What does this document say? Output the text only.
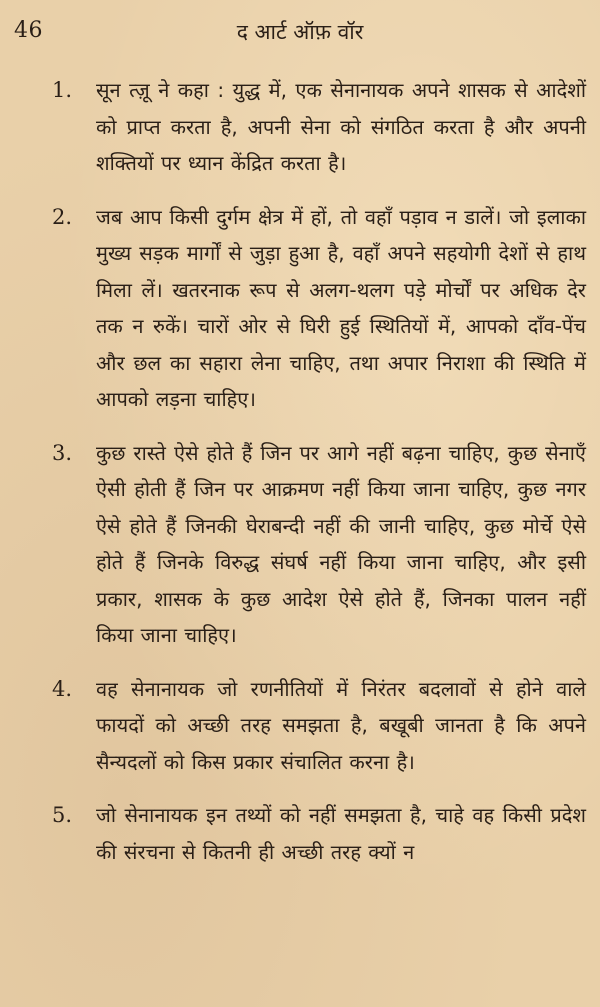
46	द आर्ट ऑफ़ वॉर
1.	सून त्ज़ू ने कहा : युद्ध में, एक सेनानायक अपने शासक से आदेशों को प्राप्त करता है, अपनी सेना को संगठित करता है और अपनी शक्तियों पर ध्यान केंद्रित करता है।
2.	जब आप किसी दुर्गम क्षेत्र में हों, तो वहाँ पड़ाव न डालें। जो इलाका मुख्य सड़क मार्गों से जुड़ा हुआ है, वहाँ अपने सहयोगी देशों से हाथ मिला लें। खतरनाक रूप से अलग-थलग पड़े मोर्चों पर अधिक देर तक न रुकें। चारों ओर से घिरी हुई स्थितियों में, आपको दाँव-पेंच और छल का सहारा लेना चाहिए, तथा अपार निराशा की स्थिति में आपको लड़ना चाहिए।
3.	कुछ रास्ते ऐसे होते हैं जिन पर आगे नहीं बढ़ना चाहिए, कुछ सेनाएँ ऐसी होती हैं जिन पर आक्रमण नहीं किया जाना चाहिए, कुछ नगर ऐसे होते हैं जिनकी घेराबन्दी नहीं की जानी चाहिए, कुछ मोर्चे ऐसे होते हैं जिनके विरुद्ध संघर्ष नहीं किया जाना चाहिए, और इसी प्रकार, शासक के कुछ आदेश ऐसे होते हैं, जिनका पालन नहीं किया जाना चाहिए।
4.	वह सेनानायक जो रणनीतियों में निरंतर बदलावों से होने वाले फायदों को अच्छी तरह समझता है, बखूबी जानता है कि अपने सैन्यदलों को किस प्रकार संचालित करना है।
5.	जो सेनानायक इन तथ्यों को नहीं समझता है, चाहे वह किसी प्रदेश की संरचना से कितनी ही अच्छी तरह क्यों न
